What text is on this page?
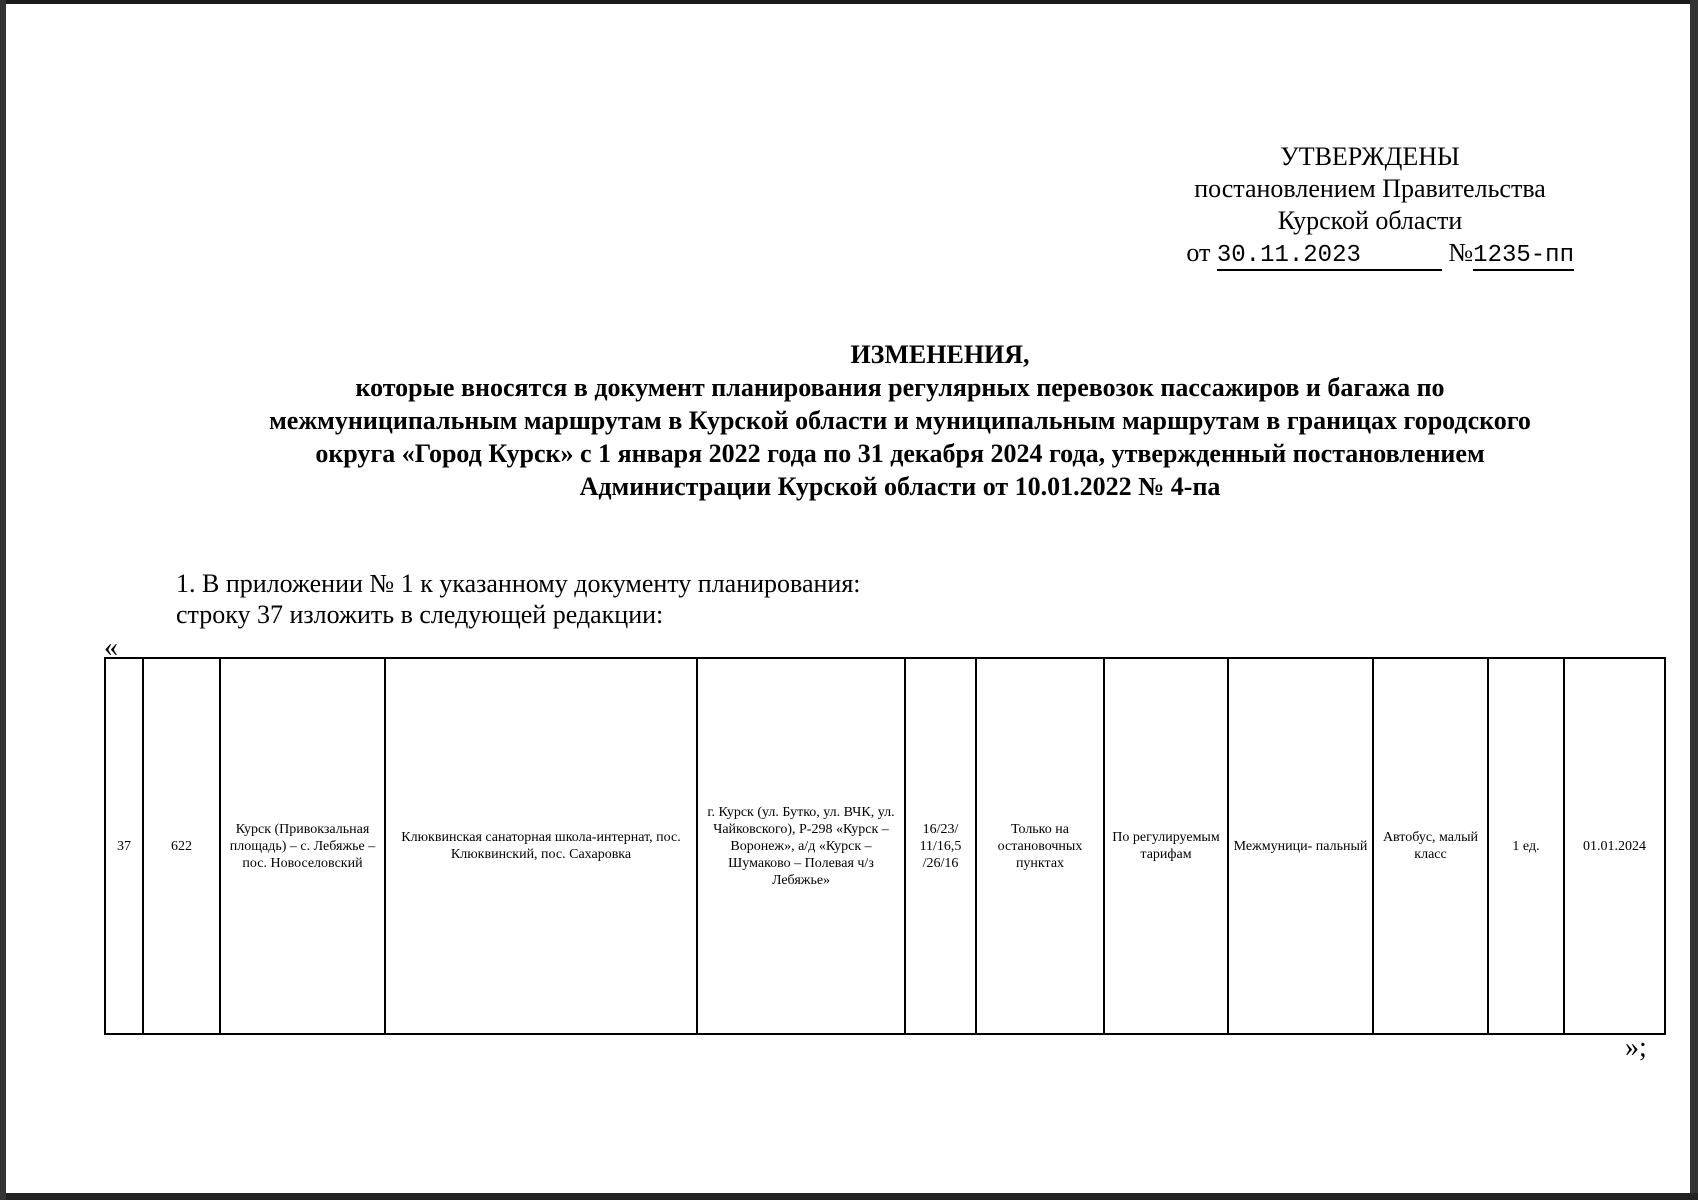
УТВЕРЖДЕНЫ
постановлением Правительства
Курской области
от 30.11.2023	№1235-пп
ИЗМЕНЕНИЯ,
которые вносятся в документ планирования регулярных перевозок пассажиров и багажа по
межмуниципальным маршрутам в Курской области и муниципальным маршрутам в границах городского
округа «Город Курск» с 1 января 2022 года по 31 декабря 2024 года, утвержденный постановлением
Администрации Курской области от 10.01.2022 № 4-па
1. В приложении № 1 к указанному документу планирования:
строку 37 изложить в следующей редакции:
«
37	622	Курск (Привокзальная площадь) – с. Лебяжье – пос. Новоселовский	Клюквинская санаторная школа-интернат, пос. Клюквинский, пос. Сахаровка	г. Курск (ул. Бутко, ул. ВЧК, ул. Чайковского), Р-298 «Курск – Воронеж», а/д «Курск – Шумаково – Полевая ч/з Лебяжье»	16/23/ 11/16,5 /26/16	Только на остановочных пунктах	По регулируемым тарифам	Межмуници- пальный	Автобус, малый класс	1 ед.	01.01.2024
»;
